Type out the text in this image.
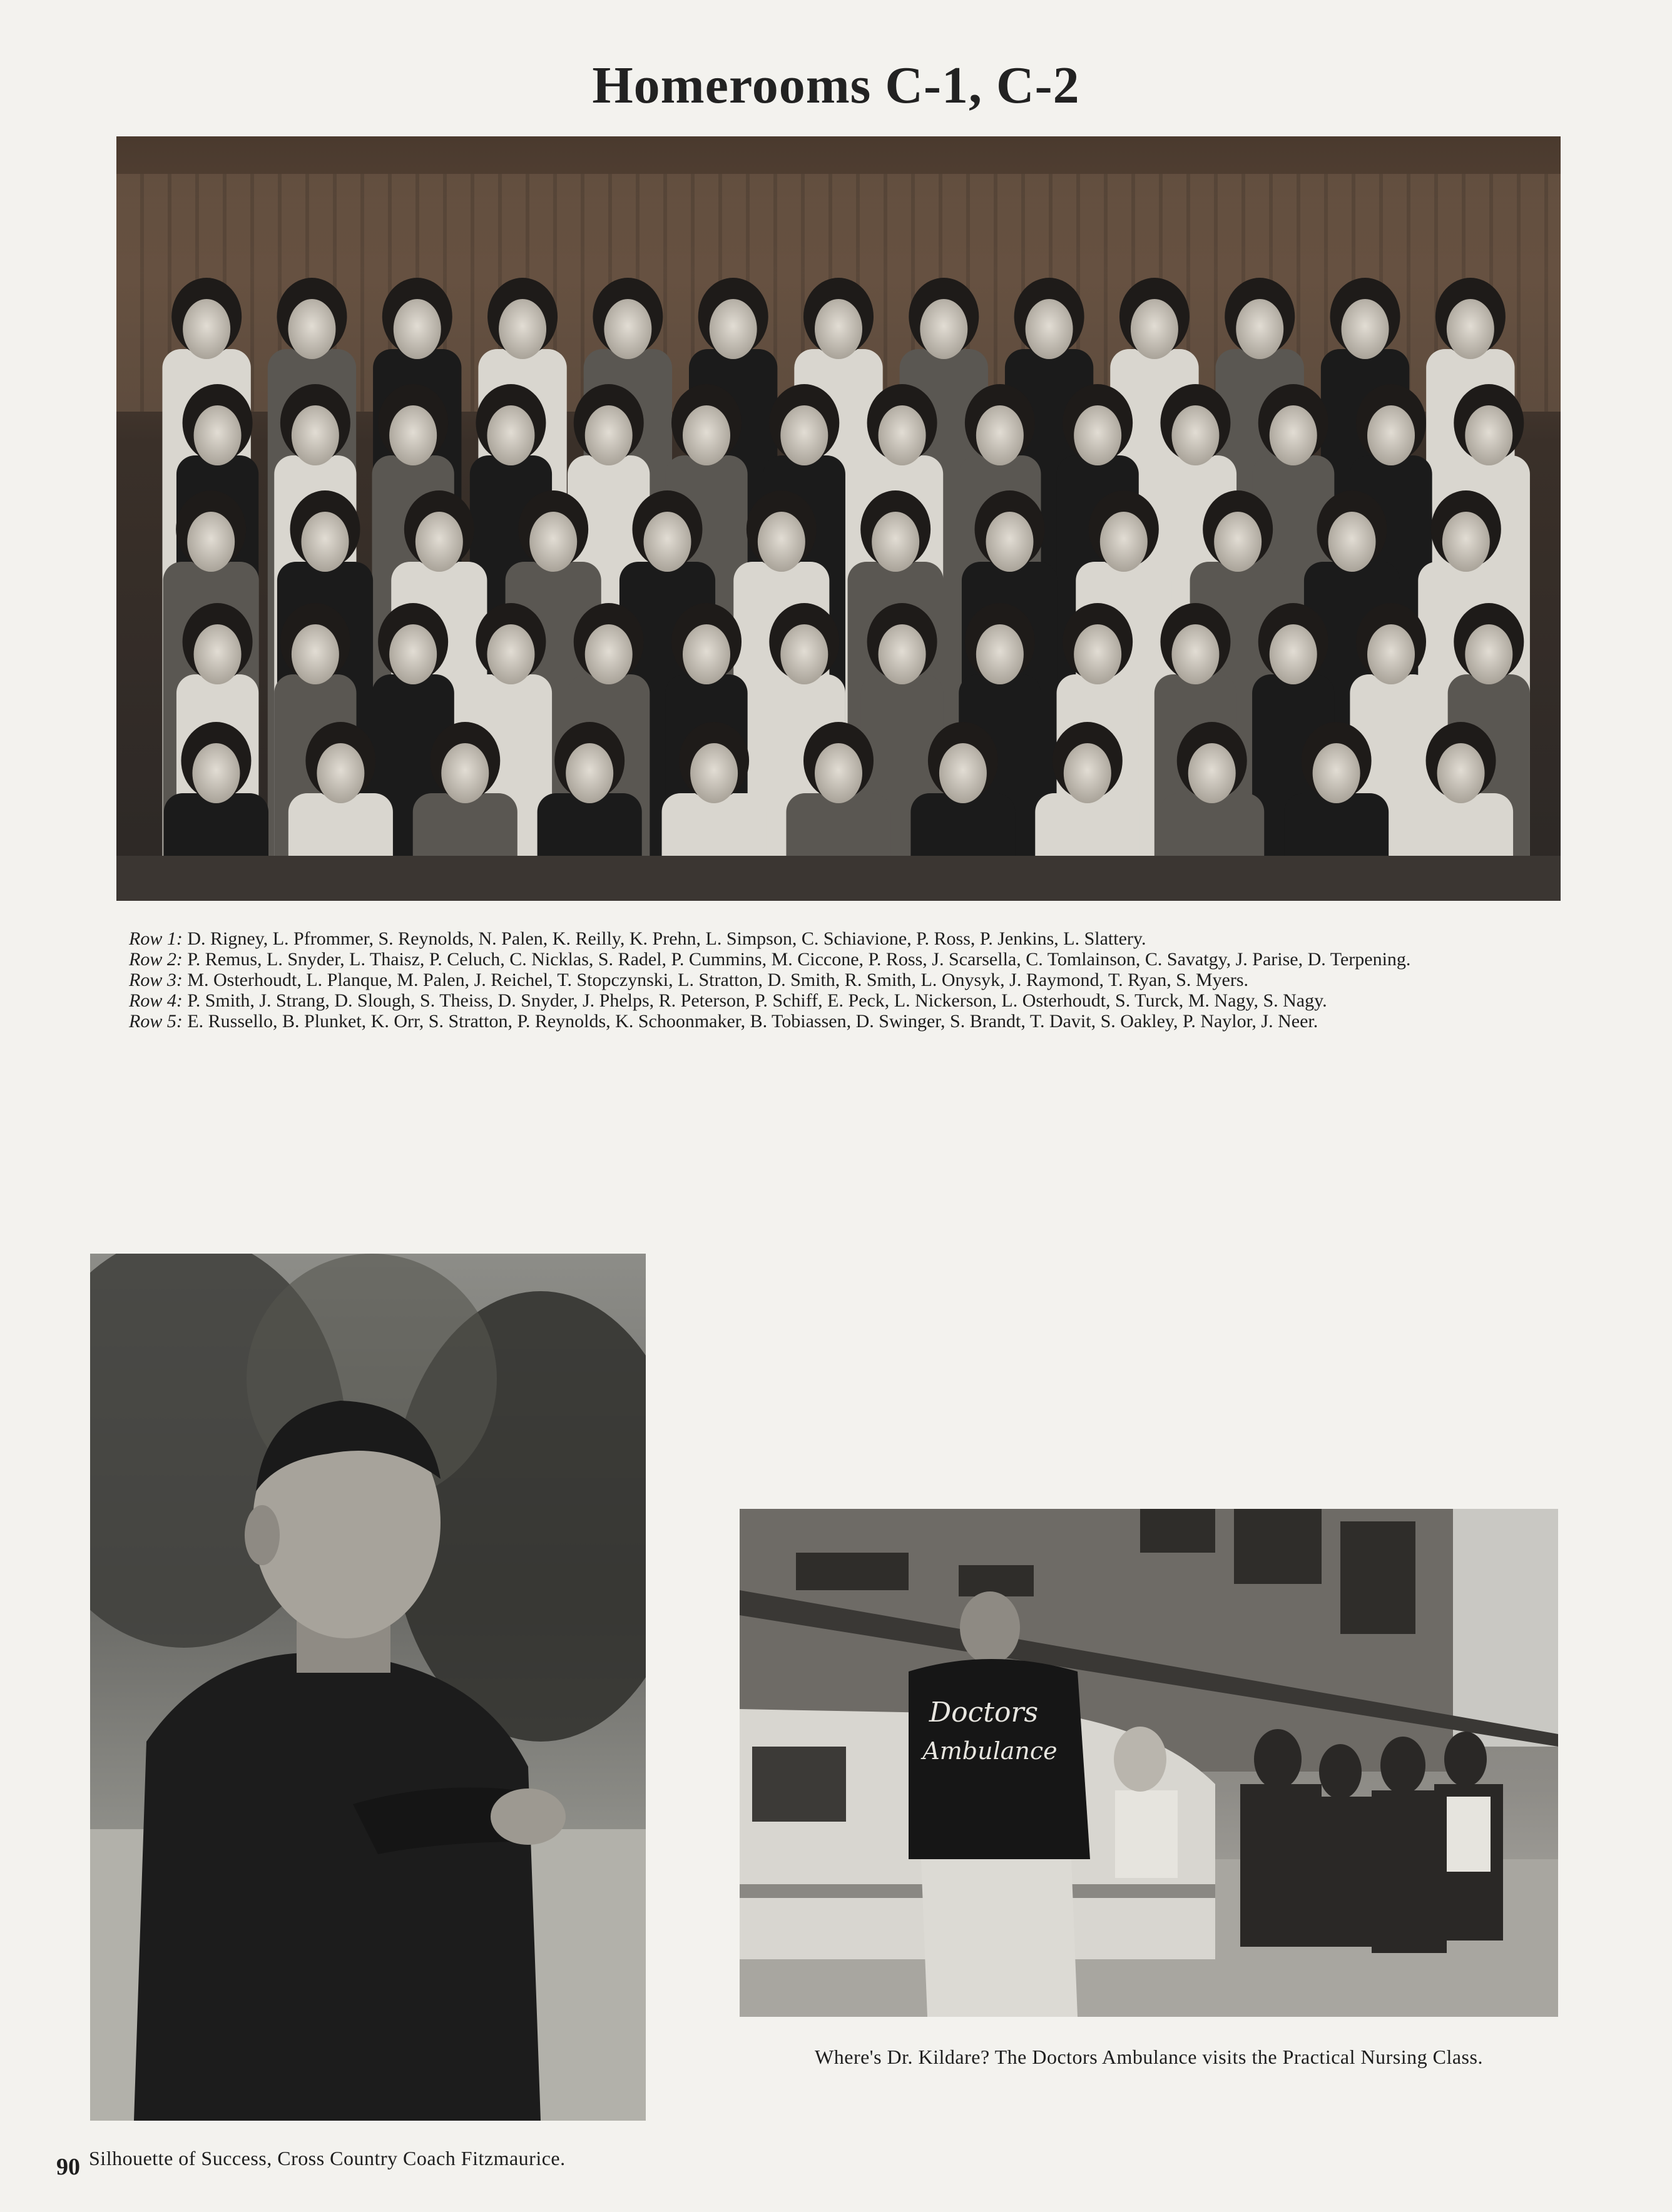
Homerooms C-1, C-2

Row 1: D. Rigney, L. Pfrommer, S. Reynolds, N. Palen, K. Reilly, K. Prehn, L. Simpson, C. Schiavione, P. Ross, P. Jenkins, L. Slattery.

Row 2: P. Remus, L. Snyder, L. Thaisz, P. Celuch, C. Nicklas, S. Radel, P. Cummins, M. Ciccone, P. Ross, J. Scarsella, C. Tomlainson, C. Savatgy, J. Parise, D. Terpening.

Row 3: M. Osterhoudt, L. Planque, M. Palen, J. Reichel, T. Stopczynski, L. Stratton, D. Smith, R. Smith, L. Onysyk, J. Raymond, T. Ryan, S. Myers.

Row 4: P. Smith, J. Strang, D. Slough, S. Theiss, D. Snyder, J. Phelps, R. Peterson, P. Schiff, E. Peck, L. Nickerson, L. Osterhoudt, S. Turck, M. Nagy, S. Nagy.

Row 5: E. Russello, B. Plunket, K. Orr, S. Stratton, P. Reynolds, K. Schoonmaker, B. Tobiassen, D. Swinger, S. Brandt, T. Davit, S. Oakley, P. Naylor, J. Neer.

Doctors
Ambulance
Where's Dr. Kildare? The Doctors Ambulance visits the Practical Nursing Class.
90 Silhouette of Success, Cross Country Coach Fitzmaurice.
